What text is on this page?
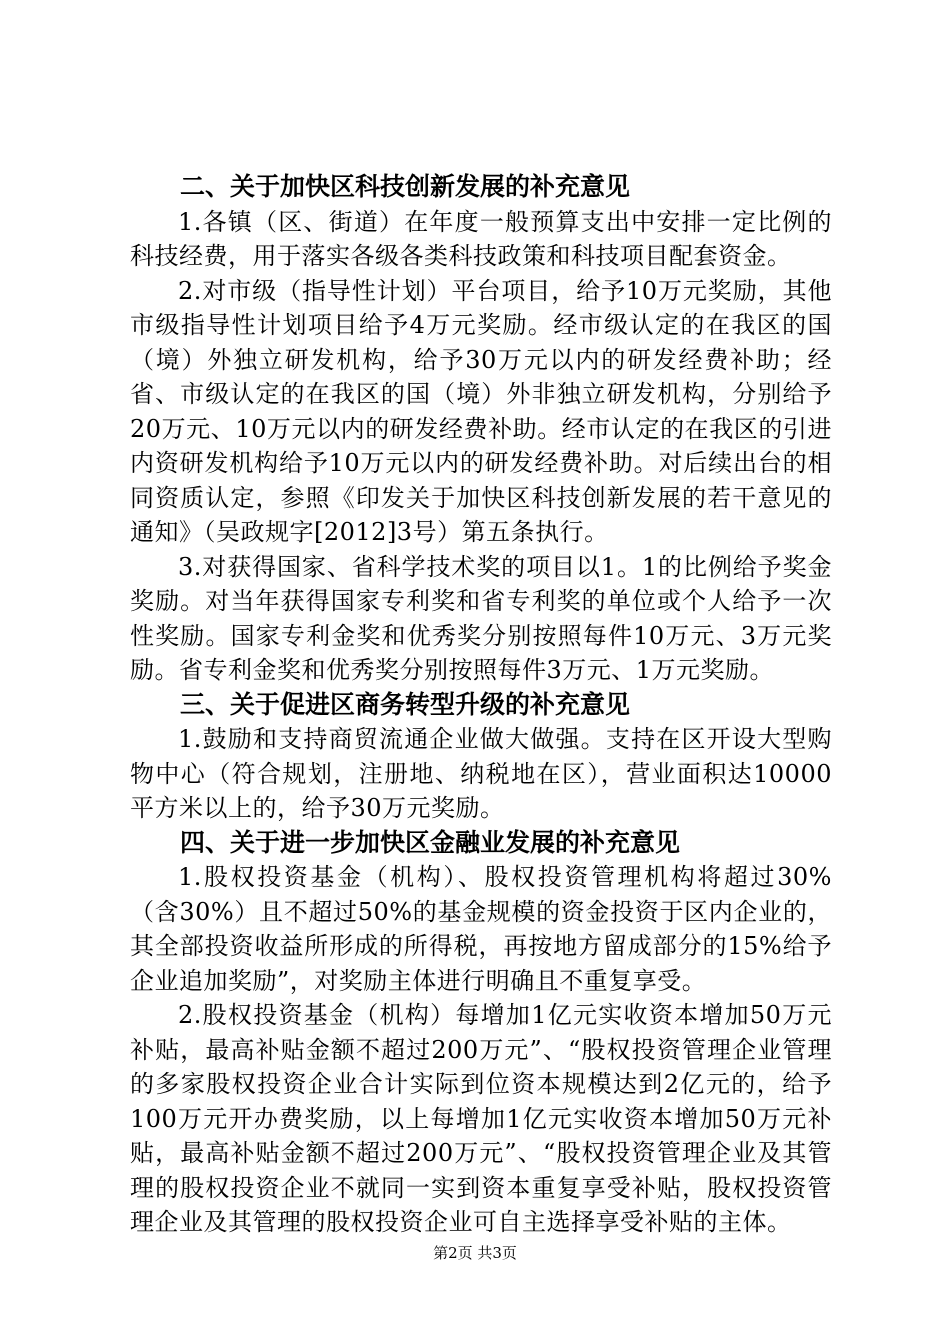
二、关于加快区科技创新发展的补充意见

1.各镇（区、街道）在年度一般预算支出中安排一定比例的科技经费，用于落实各级各类科技政策和科技项目配套资金。

2.对市级（指导性计划）平台项目，给予10万元奖励，其他市级指导性计划项目给予4万元奖励。经市级认定的在我区的国（境）外独立研发机构，给予30万元以内的研发经费补助；经省、市级认定的在我区的国（境）外非独立研发机构，分别给予20万元、10万元以内的研发经费补助。经市认定的在我区的引进内资研发机构给予10万元以内的研发经费补助。对后续出台的相同资质认定，参照《印发关于加快区科技创新发展的若干意见的通知》（吴政规字[2012]3号）第五条执行。

3.对获得国家、省科学技术奖的项目以1。1的比例给予奖金奖励。对当年获得国家专利奖和省专利奖的单位或个人给予一次性奖励。国家专利金奖和优秀奖分别按照每件10万元、3万元奖励。省专利金奖和优秀奖分别按照每件3万元、1万元奖励。

三、关于促进区商务转型升级的补充意见

1.鼓励和支持商贸流通企业做大做强。支持在区开设大型购物中心（符合规划，注册地、纳税地在区），营业面积达10000平方米以上的，给予30万元奖励。

四、关于进一步加快区金融业发展的补充意见

1.股权投资基金（机构）、股权投资管理机构将超过30%（含30%）且不超过50%的基金规模的资金投资于区内企业的，其全部投资收益所形成的所得税，再按地方留成部分的15%给予企业追加奖励”，对奖励主体进行明确且不重复享受。

2.股权投资基金（机构）每增加1亿元实收资本增加50万元补贴，最高补贴金额不超过200万元”、“股权投资管理企业管理的多家股权投资企业合计实际到位资本规模达到2亿元的，给予100万元开办费奖励，以上每增加1亿元实收资本增加50万元补贴，最高补贴金额不超过200万元”、“股权投资管理企业及其管理的股权投资企业不就同一实到资本重复享受补贴，股权投资管理企业及其管理的股权投资企业可自主选择享受补贴的主体。

第2页 共3页
